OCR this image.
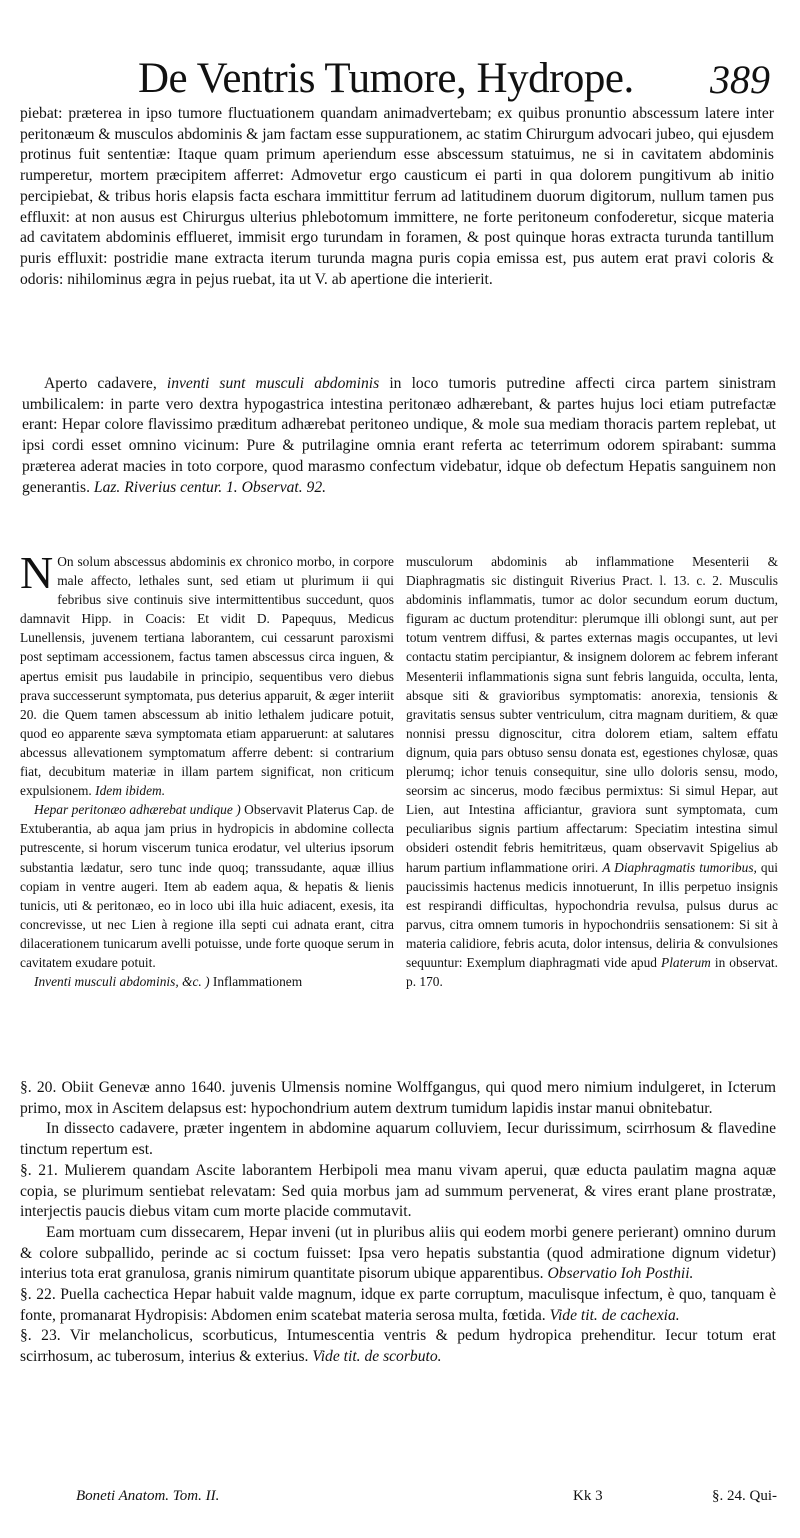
De Ventris Tumore, Hydrope. 389

piebat: præterea in ipso tumore fluctuationem quandam animadvertebam; ex quibus pronuntio abscessum latere inter peritonæum & musculos abdominis & jam factam esse suppurationem, ac statim Chirurgum advocari jubeo, qui ejusdem protinus fuit sententiæ: Itaque quam primum aperiendum esse abscessum statuimus, ne si in cavitatem abdominis rumperetur, mortem præcipitem afferret: Admovetur ergo causticum ei parti in qua dolorem pungitivum ab initio percipiebat, & tribus horis elapsis facta eschara immittitur ferrum ad latitudinem duorum digitorum, nullum tamen pus effluxit: at non ausus est Chirurgus ulterius phlebotomum immittere, ne forte peritoneum confoderetur, sicque materia ad cavitatem abdominis efflueret, immisit ergo turundam in foramen, & post quinque horas extracta turunda tantillum puris effluxit: postridie mane extracta iterum turunda magna puris copia emissa est, pus autem erat pravi coloris & odoris: nihilominus ægra in pejus ruebat, ita ut V. ab apertione die interierit.

Aperto cadavere, inventi sunt musculi abdominis in loco tumoris putredine affecti circa partem sinistram umbilicalem: in parte vero dextra hypogastrica intestina peritonæo adhærebant, & partes hujus loci etiam putrefactæ erant: Hepar colore flavissimo præditum adhærebat peritoneo undique, & mole sua mediam thoracis partem replebat, ut ipsi cordi esset omnino vicinum: Pure & putrilagine omnia erant referta ac teterrimum odorem spirabant: summa præterea aderat macies in toto corpore, quod marasmo confectum videbatur, idque ob defectum Hepatis sanguinem non generantis. Laz. Riverius centur. 1. Observat. 92.

N On solum abscessus abdominis ex chronico morbo, in corpore male affecto, lethales sunt, sed etiam ut plurimum ii qui febribus sive continuis sive intermittentibus succedunt, quos damnavit Hipp. in Coacis: Et vidit D. Papequus, Medicus Lunellensis, juvenem tertiana laborantem, cui cessarunt paroxismi post septimam accessionem, factus tamen abscessus circa inguen, & apertus emisit pus laudabile in principio, sequentibus vero diebus prava successerunt symptomata, pus deterius apparuit, & æger interiit 20. die Quem tamen abscessum ab initio lethalem judicare potuit, quod eo apparente sæva symptomata etiam apparuerunt: at salutares abcessus allevationem symptomatum afferre debent: si contrarium fiat, decubitum materiæ in illam partem significat, non criticum expulsionem. Idem ibidem.

Hepar peritonæo adhærebat undique ) Observavit Platerus Cap. de Extuberantia, ab aqua jam prius in hydropicis in abdomine collecta putrescente, si horum viscerum tunica erodatur, vel ulterius ipsorum substantia lædatur, sero tunc inde quoq; transsudante, aquæ illius copiam in ventre augeri. Item ab eadem aqua, & hepatis & lienis tunicis, uti & peritonæo, eo in loco ubi illa huic adiacent, exesis, ita concrevisse, ut nec Lien à regione illa septi cui adnata erant, citra dilacerationem tunicarum avelli potuisse, unde forte quoque serum in cavitatem exudare potuit.

Inventi musculi abdominis, &c. ) Inflammationem

musculorum abdominis ab inflammatione Mesenterii & Diaphragmatis sic distinguit Riverius Pract. l. 13. c. 2. Musculis abdominis inflammatis, tumor ac dolor secundum eorum ductum, figuram ac ductum protenditur: plerumque illi oblongi sunt, aut per totum ventrem diffusi, & partes externas magis occupantes, ut levi contactu statim percipiantur, & insignem dolorem ac febrem inferant Mesenterii inflammationis signa sunt febris languida, occulta, lenta, absque siti & gravioribus symptomatis: anorexia, tensionis & gravitatis sensus subter ventriculum, citra magnam duritiem, & quæ nonnisi pressu dignoscitur, citra dolorem etiam, saltem effatu dignum, quia pars obtuso sensu donata est, egestiones chylosæ, quas plerumq; ichor tenuis consequitur, sine ullo doloris sensu, modo, seorsim ac sincerus, modo fæcibus permixtus: Si simul Hepar, aut Lien, aut Intestina afficiantur, graviora sunt symptomata, cum peculiaribus signis partium affectarum: Speciatim intestina simul obsideri ostendit febris hemitritæus, quam observavit Spigelius ab harum partium inflammatione oriri. A Diaphragmatis tumoribus, qui paucissimis hactenus medicis innotuerunt, In illis perpetuo insignis est respirandi difficultas, hypochondria revulsa, pulsus durus ac parvus, citra omnem tumoris in hypochondriis sensationem: Si sit à materia calidiore, febris acuta, dolor intensus, deliria & convulsiones sequuntur: Exemplum diaphragmati vide apud Platerum in observat. p. 170.

§. 20. Obiit Genevæ anno 1640. juvenis Ulmensis nomine Wolffgangus, qui quod mero nimium indulgeret, in Icterum primo, mox in Ascitem delapsus est: hypochondrium autem dextrum tumidum lapidis instar manui obnitebatur.

In dissecto cadavere, præter ingentem in abdomine aquarum colluviem, Iecur durissimum, scirrhosum & flavedine tinctum repertum est.

§. 21. Mulierem quandam Ascite laborantem Herbipoli mea manu vivam aperui, quæ educta paulatim magna aquæ copia, se plurimum sentiebat relevatam: Sed quia morbus jam ad summum pervenerat, & vires erant plane prostratæ, interjectis paucis diebus vitam cum morte placide commutavit.

Eam mortuam cum dissecarem, Hepar inveni (ut in pluribus aliis qui eodem morbi genere perierant) omnino durum & colore subpallido, perinde ac si coctum fuisset: Ipsa vero hepatis substantia (quod admiratione dignum videtur) interius tota erat granulosa, granis nimirum quantitate pisorum ubique apparentibus. Observatio Ioh Posthii.

§. 22. Puella cachectica Hepar habuit valde magnum, idque ex parte corruptum, maculisque infectum, è quo, tanquam è fonte, promanarat Hydropisis: Abdomen enim scatebat materia serosa multa, fœtida. Vide tit. de cachexia.

§. 23. Vir melancholicus, scorbuticus, Intumescentia ventris & pedum hydropica prehenditur. Iecur totum erat scirrhosum, ac tuberosum, interius & exterius. Vide tit. de scorbuto.

Boneti Anatom. Tom. II.	Kk 3	§. 24. Qui-
